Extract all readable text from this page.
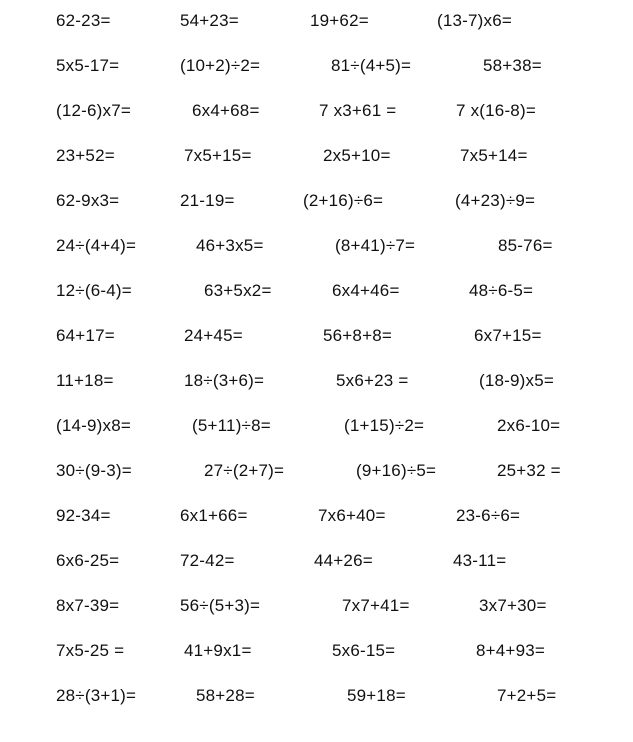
62-23=	54+23=	19+62=	(13-7)x6=
5x5-17=	(10+2)÷2=	81÷(4+5)=	58+38=
(12-6)x7=	6x4+68=	7 x3+61 =	7 x(16-8)=
23+52=	7x5+15=	2x5+10=	7x5+14=
62-9x3=	21-19=	(2+16)÷6=	(4+23)÷9=
24÷(4+4)=	46+3x5=	(8+41)÷7=	85-76=
12÷(6-4)=	63+5x2=	6x4+46=	48÷6-5=
64+17=	24+45=	56+8+8=	6x7+15=
11+18=	18÷(3+6)=	5x6+23 =	(18-9)x5=
(14-9)x8=	(5+11)÷8=	(1+15)÷2=	2x6-10=
30÷(9-3)=	27÷(2+7)=	(9+16)÷5=	25+32 =
92-34=	6x1+66=	7x6+40=	23-6÷6=
6x6-25=	72-42=	44+26=	43-11=
8x7-39=	56÷(5+3)=	7x7+41=	3x7+30=
7x5-25 =	41+9x1=	5x6-15=	8+4+93=
28÷(3+1)=	58+28=	59+18=	7+2+5=
